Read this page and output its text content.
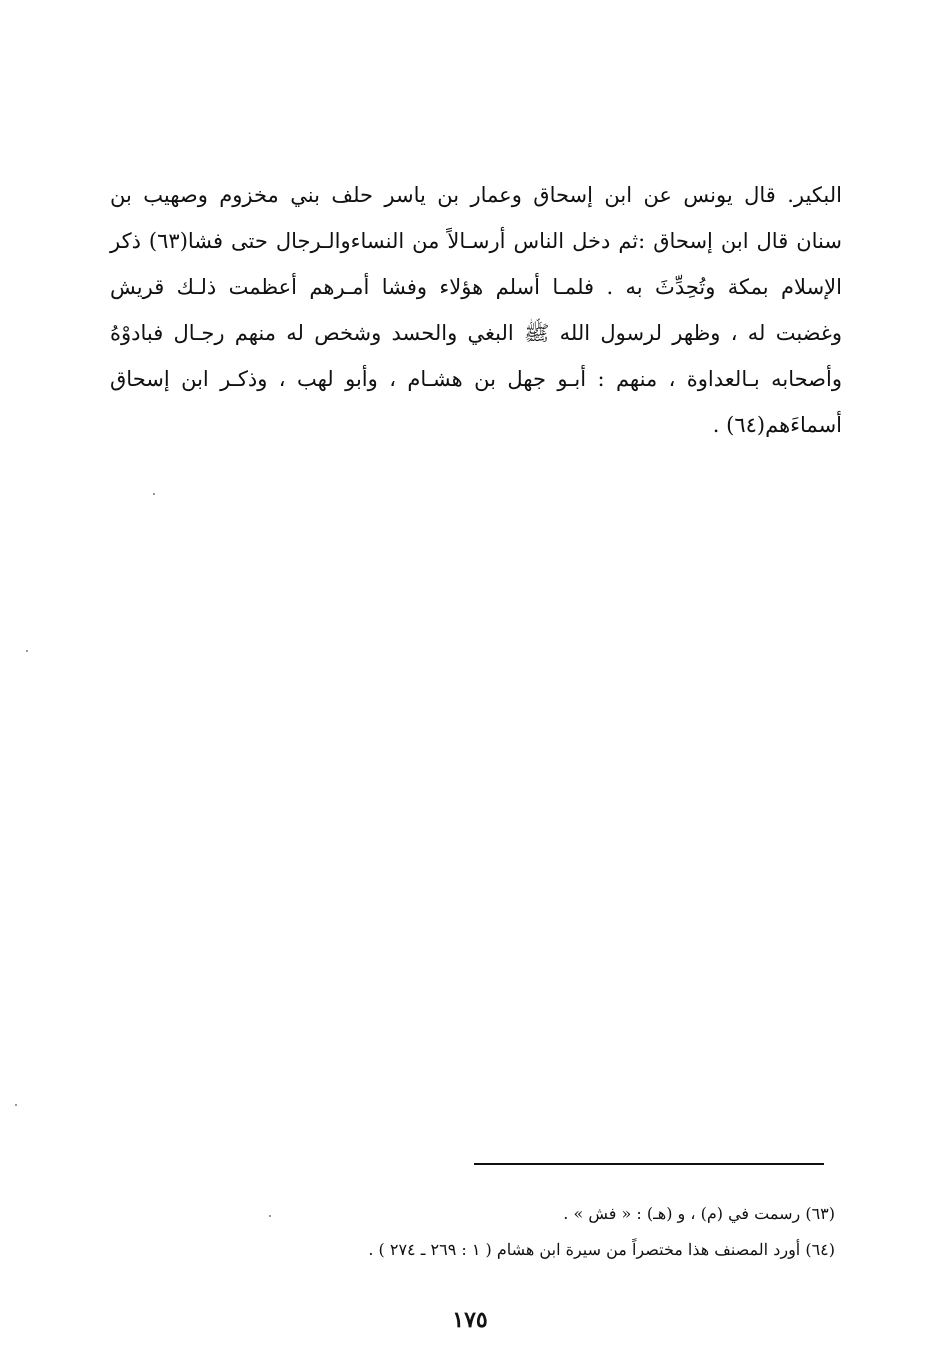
البكير. قال يونس عن ابن إسحاق وعمار بن ياسر حلف بني مخزوم وصهيب بن
سنان قال ابن إسحاق :ثم دخل الناس أرسـالاً من النساءوالـرجال حتى فشا(٦٣) ذكر
الإسلام بمكة وتُحِدِّثَ به . فلمـا أسلم هؤلاء وفشا أمـرهم أعظمت ذلـك قريش
وغضبت له ، وظهر لرسول الله ﷺ البغي والحسد وشخص له منهم رجـال فبادوْهُ
وأصحابه بـالعداوة ، منهم : أبـو جهل بن هشـام ، وأبو لهب ، وذكـر ابن إسحاق
أسماءَهم(٦٤) .
(٦٣) رسمت في (م) ، و (هـ) : « فش » .
(٦٤) أورد المصنف هذا مختصراً من سيرة ابن هشام ( ١ : ٢٦٩ ـ ٢٧٤ ) .
١٧٥
